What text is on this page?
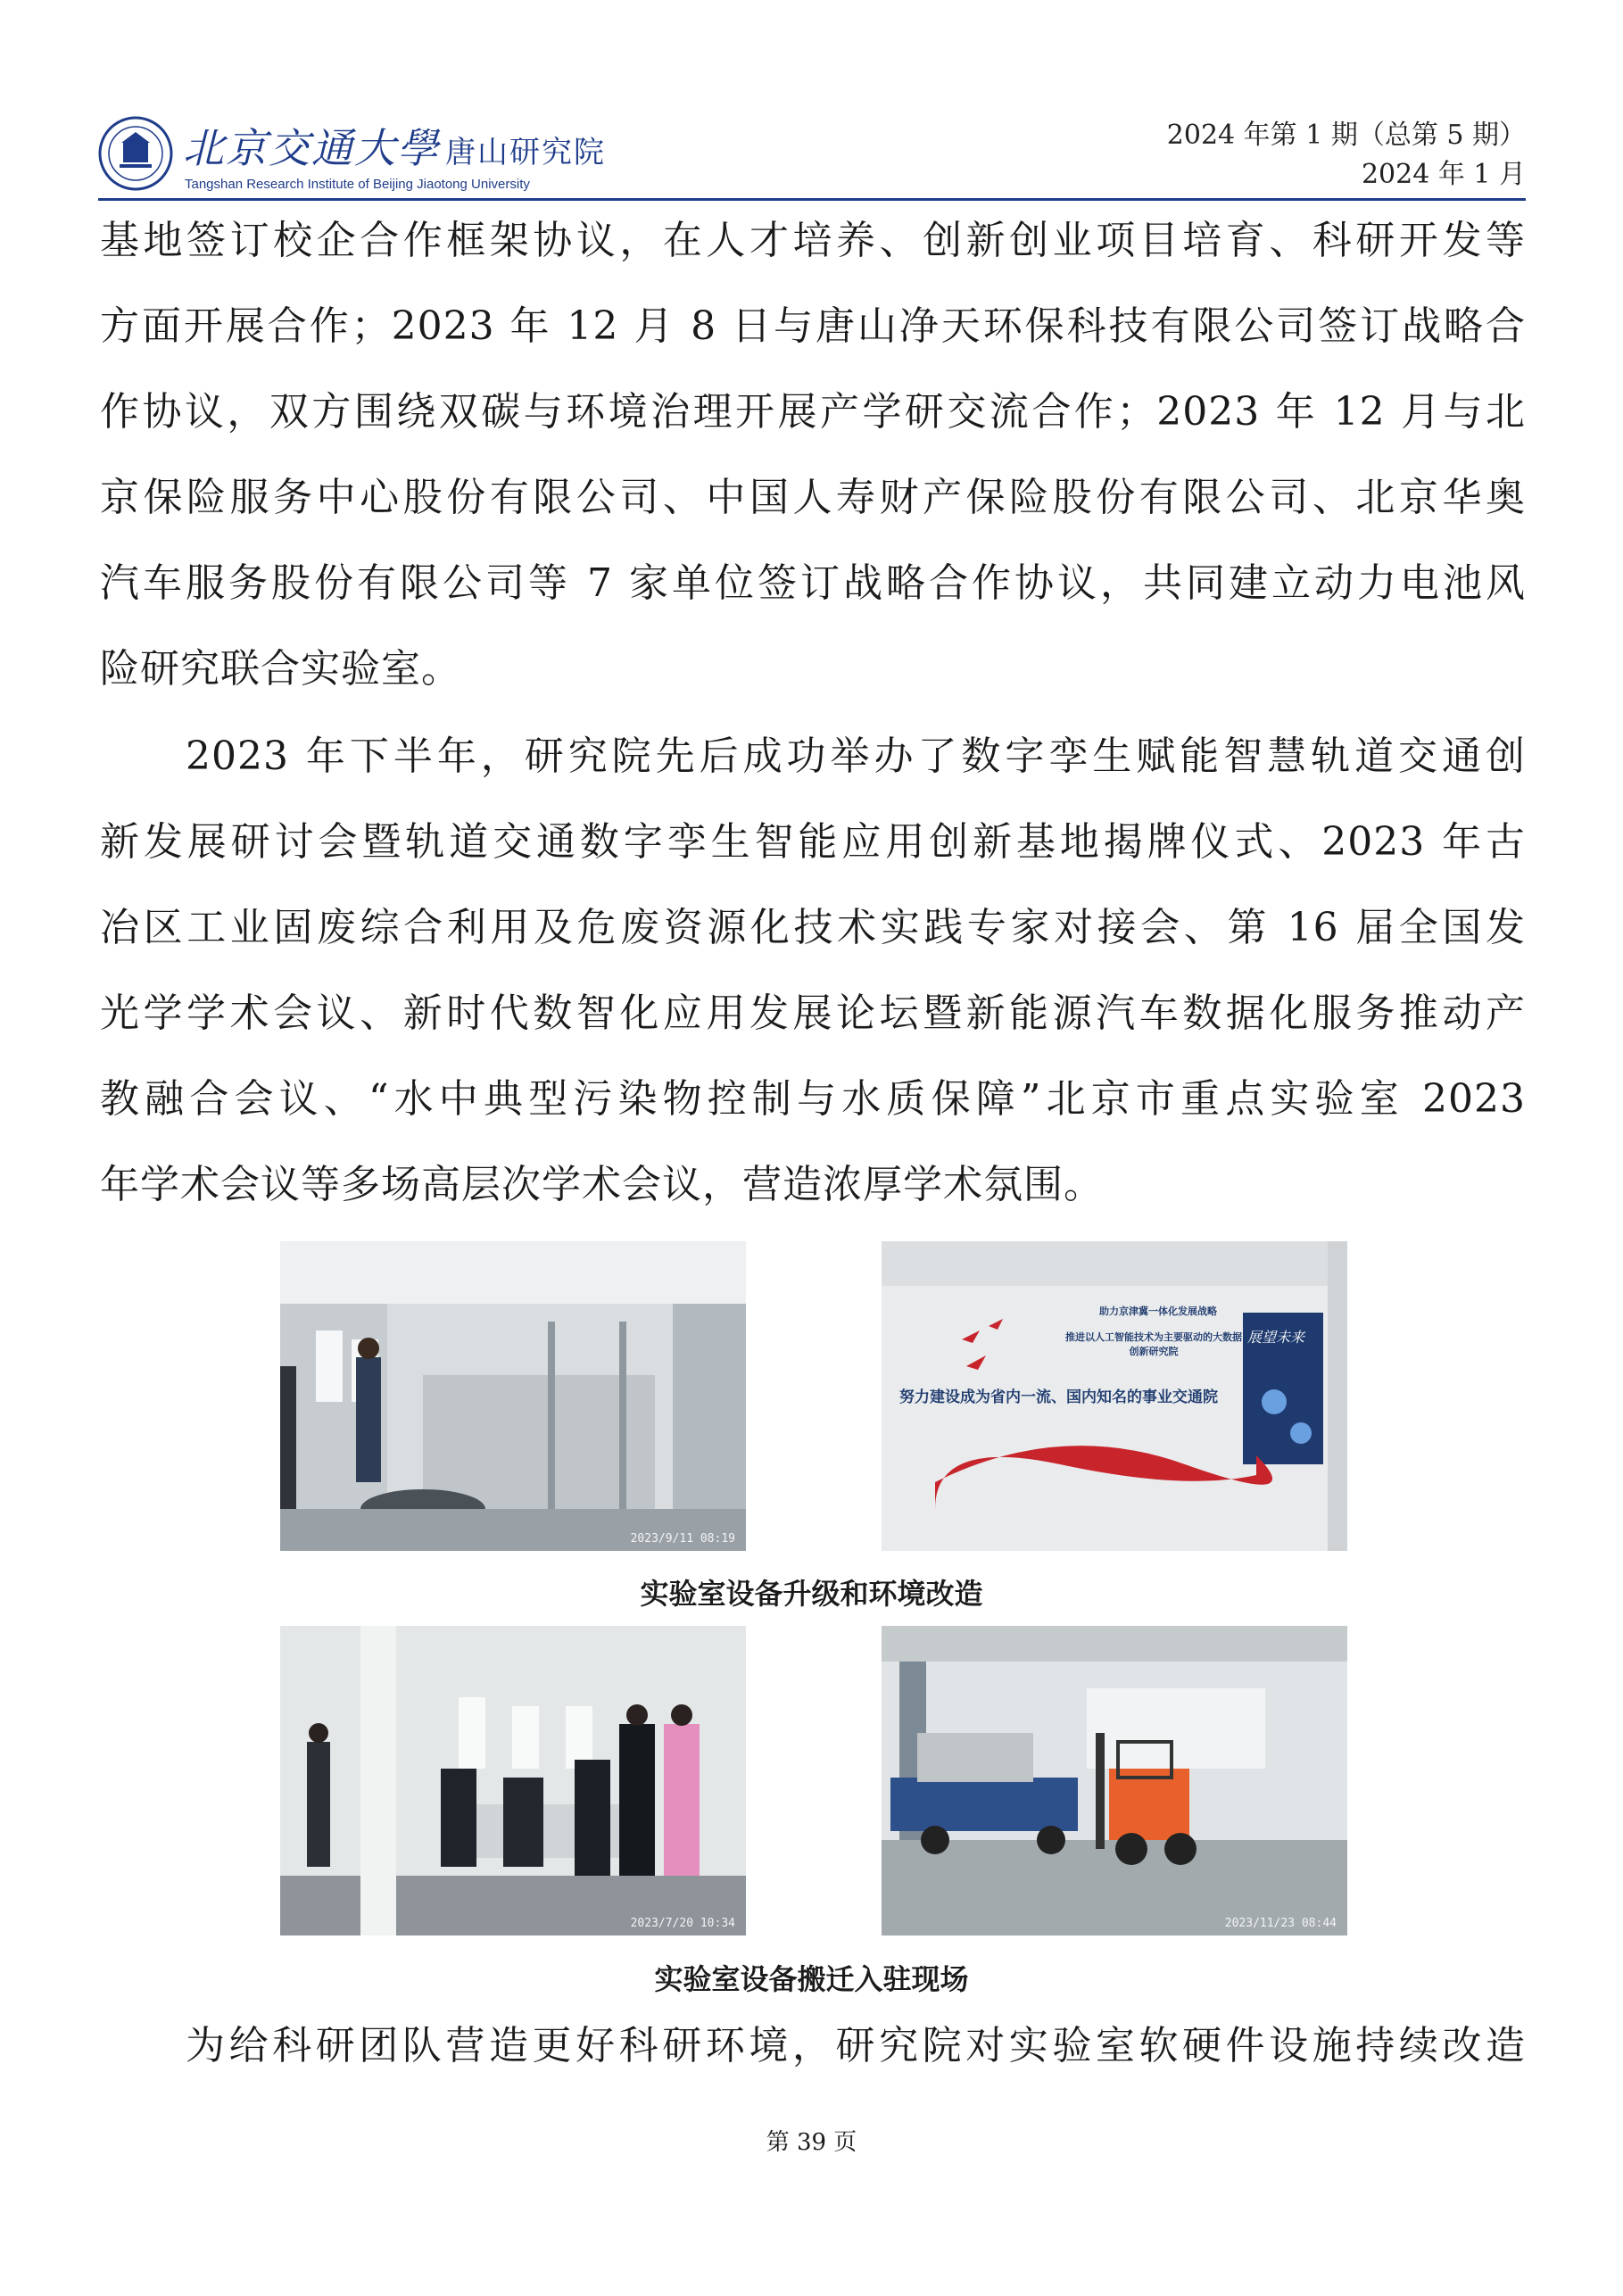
北京交通大學 唐山研究院
Tangshan Research Institute of Beijing Jiaotong University
2024 年第 1 期（总第 5 期）
2024 年 1 月
基地签订校企合作框架协议，在人才培养、创新创业项目培育、科研开发等
方面开展合作；2023 年 12 月 8 日与唐山净天环保科技有限公司签订战略合
作协议，双方围绕双碳与环境治理开展产学研交流合作；2023 年 12 月与北
京保险服务中心股份有限公司、中国人寿财产保险股份有限公司、北京华奥
汽车服务股份有限公司等 7 家单位签订战略合作协议，共同建立动力电池风
险研究联合实验室。
2023 年下半年，研究院先后成功举办了数字孪生赋能智慧轨道交通创
新发展研讨会暨轨道交通数字孪生智能应用创新基地揭牌仪式、2023 年古
冶区工业固废综合利用及危废资源化技术实践专家对接会、第 16 届全国发
光学学术会议、新时代数智化应用发展论坛暨新能源汽车数据化服务推动产
教融合会议、“水中典型污染物控制与水质保障”北京市重点实验室 2023
年学术会议等多场高层次学术会议，营造浓厚学术氛围。
2023/9/11 08:19
助力京津冀一体化发展战略
推进以人工智能技术为主要驱动的大数据创新研究院
努力建设成为省内一流、国内知名的事业交通院
展望未来
实验室设备升级和环境改造
2023/7/20 10:34	2023/11/23 08:44
实验室设备搬迁入驻现场
为给科研团队营造更好科研环境，研究院对实验室软硬件设施持续改造
第 39 页
